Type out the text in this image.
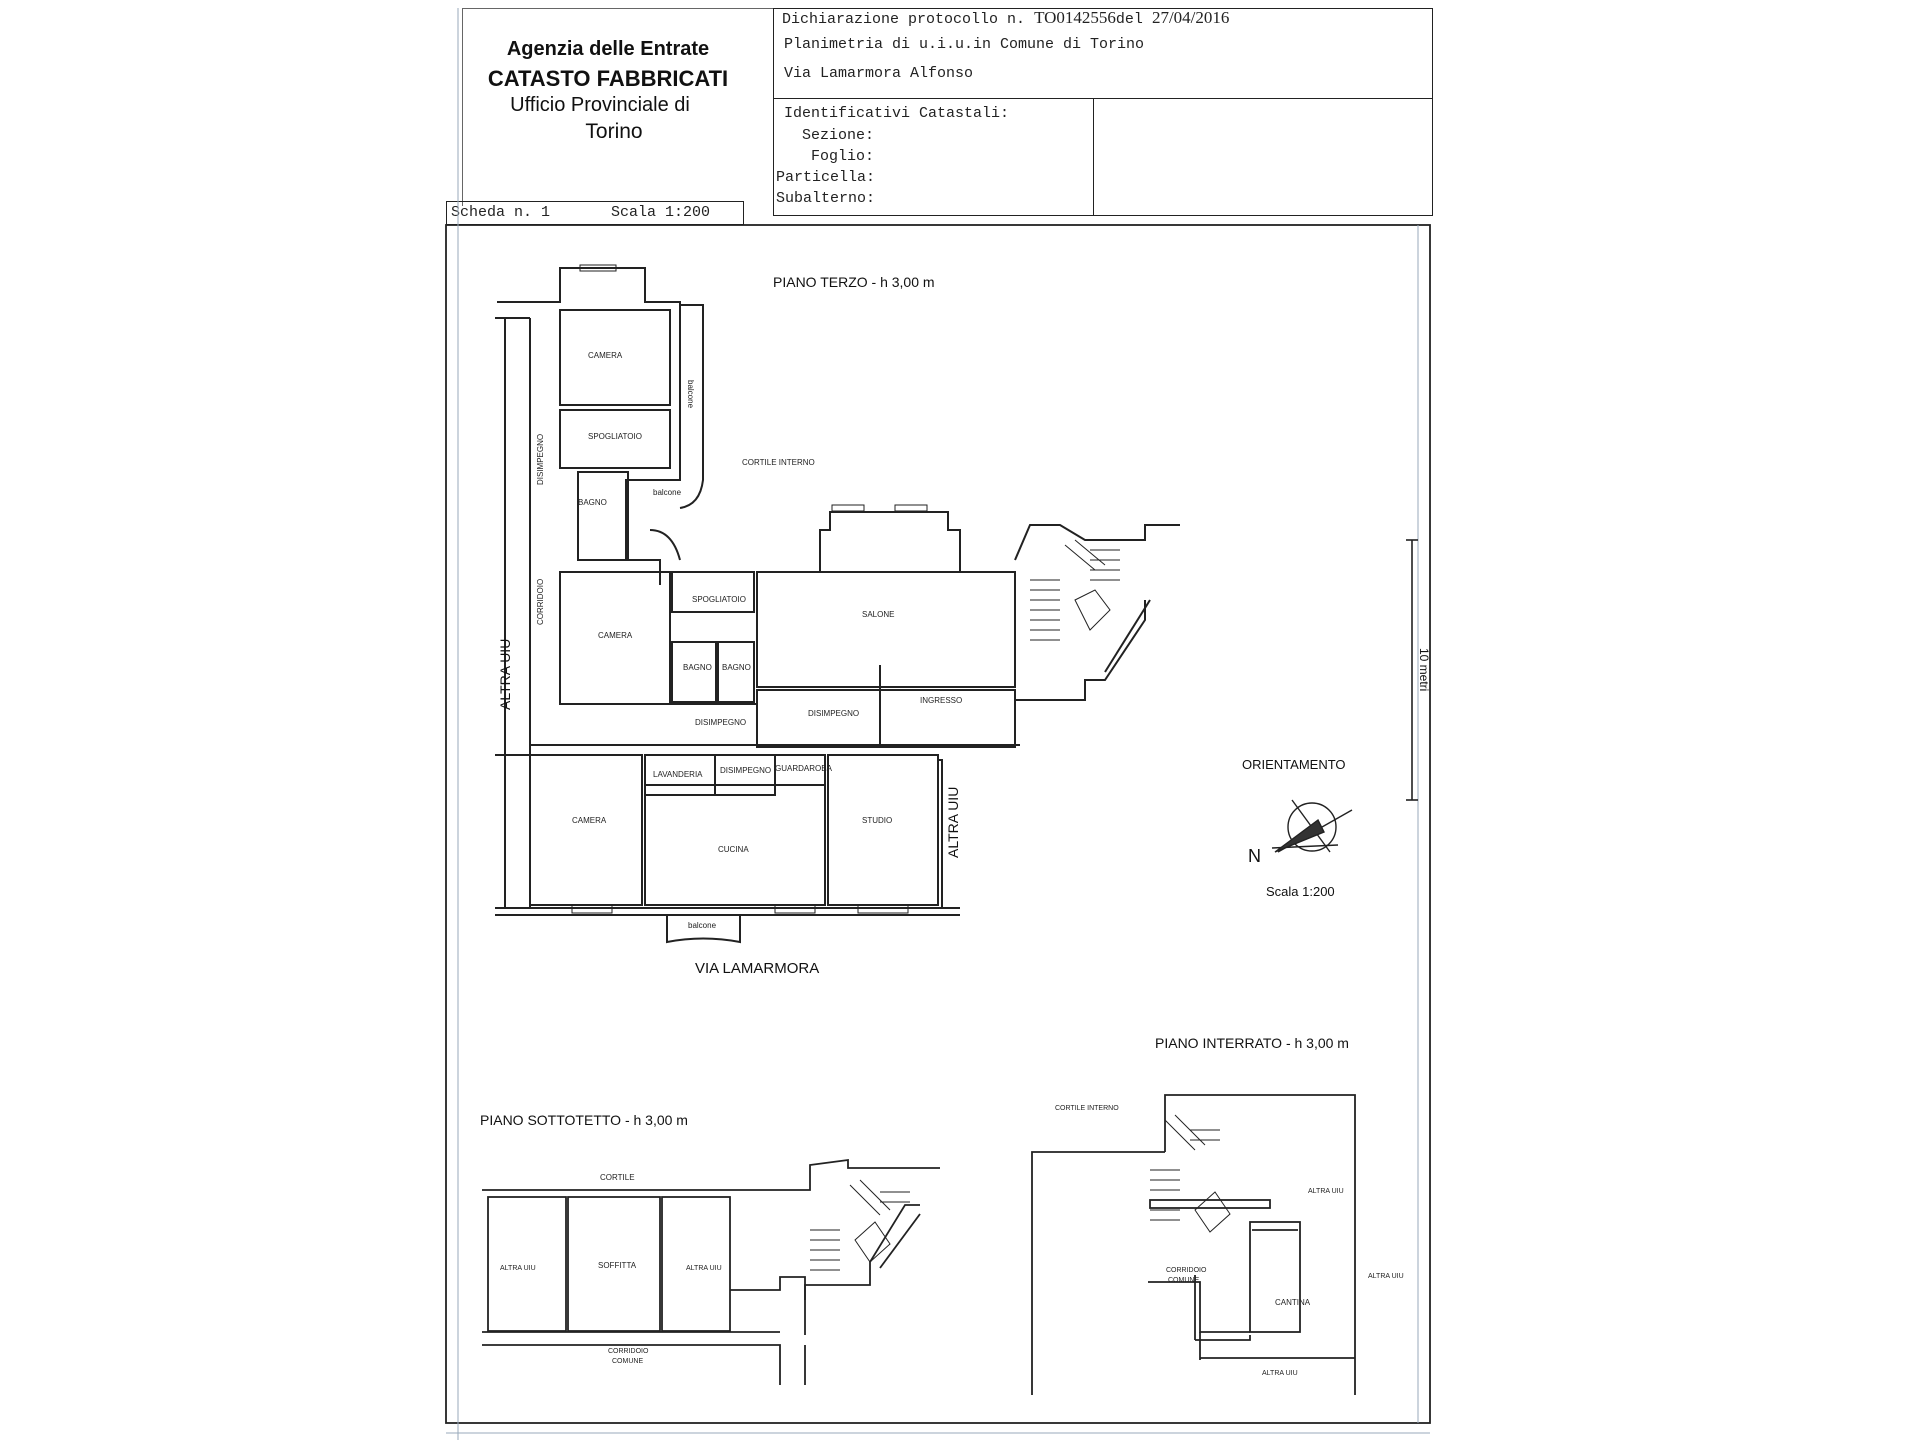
Agenzia delle Entrate
CATASTO FABBRICATI
Ufficio Provinciale di
Torino
Dichiarazione protocollo n. TO0142556del 27/04/2016
Planimetria di u.i.u.in Comune di Torino
Via Lamarmora Alfonso
Identificativi Catastali:
Sezione:
Foglio:
Particella:
Subalterno:
Scheda n. 1	Scala 1:200
PIANO TERZO - h 3,00 m
CAMERA
balcone
SPOGLIATOIO
CORTILE INTERNO
DISIMPEGNO
BAGNO
balcone
CORRIDOIO
ALTRA UIU
CAMERA
SPOGLIATOIO
BAGNO BAGNO
SALONE
INGRESSO
DISIMPEGNO
DISIMPEGNO
LAVANDERIA DISIMPEGNO GUARDAROBA
CAMERA
CUCINA
STUDIO	ALTRA UIU
balcone
VIA LAMARMORA
ORIENTAMENTO
N
Scala 1:200
10 metri
PIANO SOTTOTETTO - h 3,00 m
CORTILE
ALTRA UIU	SOFFITTA	ALTRA UIU
CORRIDOIO
COMUNE
PIANO INTERRATO - h 3,00 m
CORTILE INTERNO
ALTRA UIU
ALTRA UIU
CORRIDOIO
COMUNE
CANTINA
ALTRA UIU
